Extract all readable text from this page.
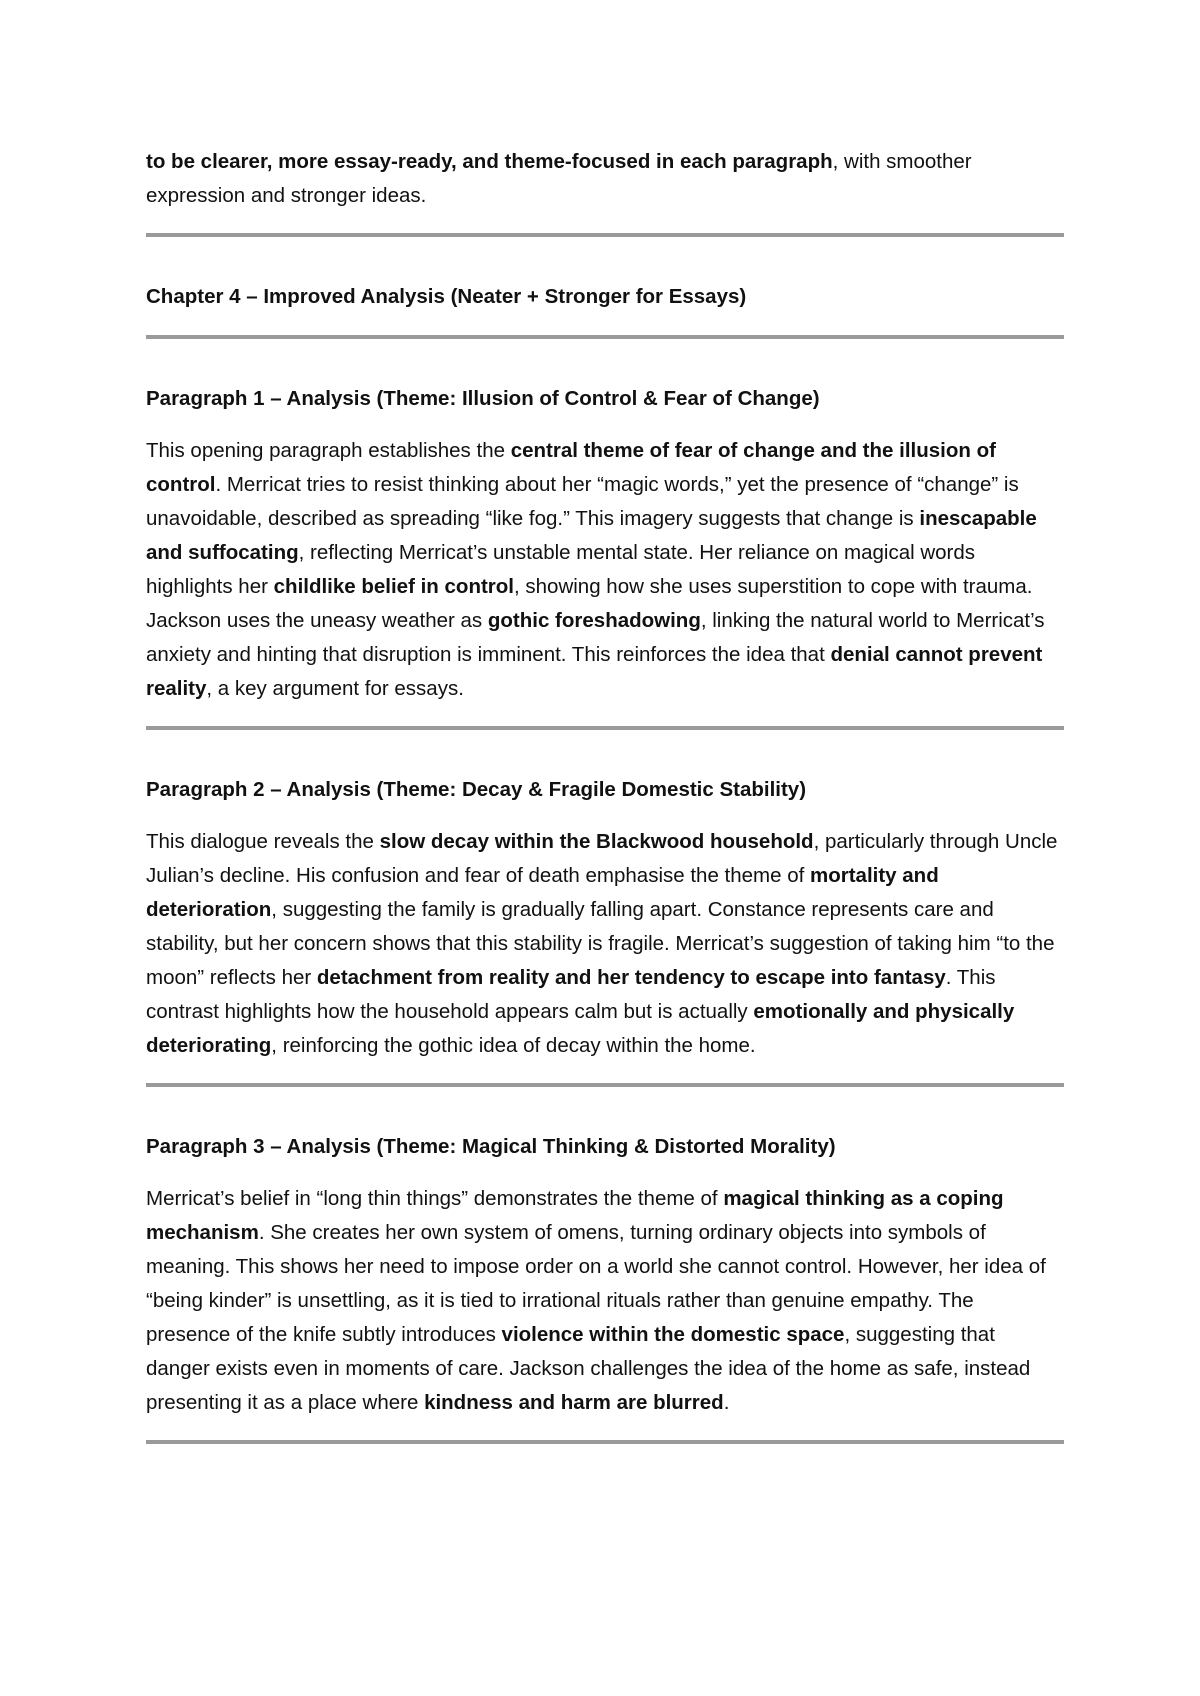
to be clearer, more essay-ready, and theme-focused in each paragraph, with smoother expression and stronger ideas.

Chapter 4 – Improved Analysis (Neater + Stronger for Essays)
Paragraph 1 – Analysis (Theme: Illusion of Control & Fear of Change)

This opening paragraph establishes the central theme of fear of change and the illusion of control. Merricat tries to resist thinking about her “magic words,” yet the presence of “change” is unavoidable, described as spreading “like fog.” This imagery suggests that change is inescapable and suffocating, reflecting Merricat’s unstable mental state. Her reliance on magical words highlights her childlike belief in control, showing how she uses superstition to cope with trauma. Jackson uses the uneasy weather as gothic foreshadowing, linking the natural world to Merricat’s anxiety and hinting that disruption is imminent. This reinforces the idea that denial cannot prevent reality, a key argument for essays.

Paragraph 2 – Analysis (Theme: Decay & Fragile Domestic Stability)

This dialogue reveals the slow decay within the Blackwood household, particularly through Uncle Julian’s decline. His confusion and fear of death emphasise the theme of mortality and deterioration, suggesting the family is gradually falling apart. Constance represents care and stability, but her concern shows that this stability is fragile. Merricat’s suggestion of taking him “to the moon” reflects her detachment from reality and her tendency to escape into fantasy. This contrast highlights how the household appears calm but is actually emotionally and physically deteriorating, reinforcing the gothic idea of decay within the home.

Paragraph 3 – Analysis (Theme: Magical Thinking & Distorted Morality)

Merricat’s belief in “long thin things” demonstrates the theme of magical thinking as a coping mechanism. She creates her own system of omens, turning ordinary objects into symbols of meaning. This shows her need to impose order on a world she cannot control. However, her idea of “being kinder” is unsettling, as it is tied to irrational rituals rather than genuine empathy. The presence of the knife subtly introduces violence within the domestic space, suggesting that danger exists even in moments of care. Jackson challenges the idea of the home as safe, instead presenting it as a place where kindness and harm are blurred.
